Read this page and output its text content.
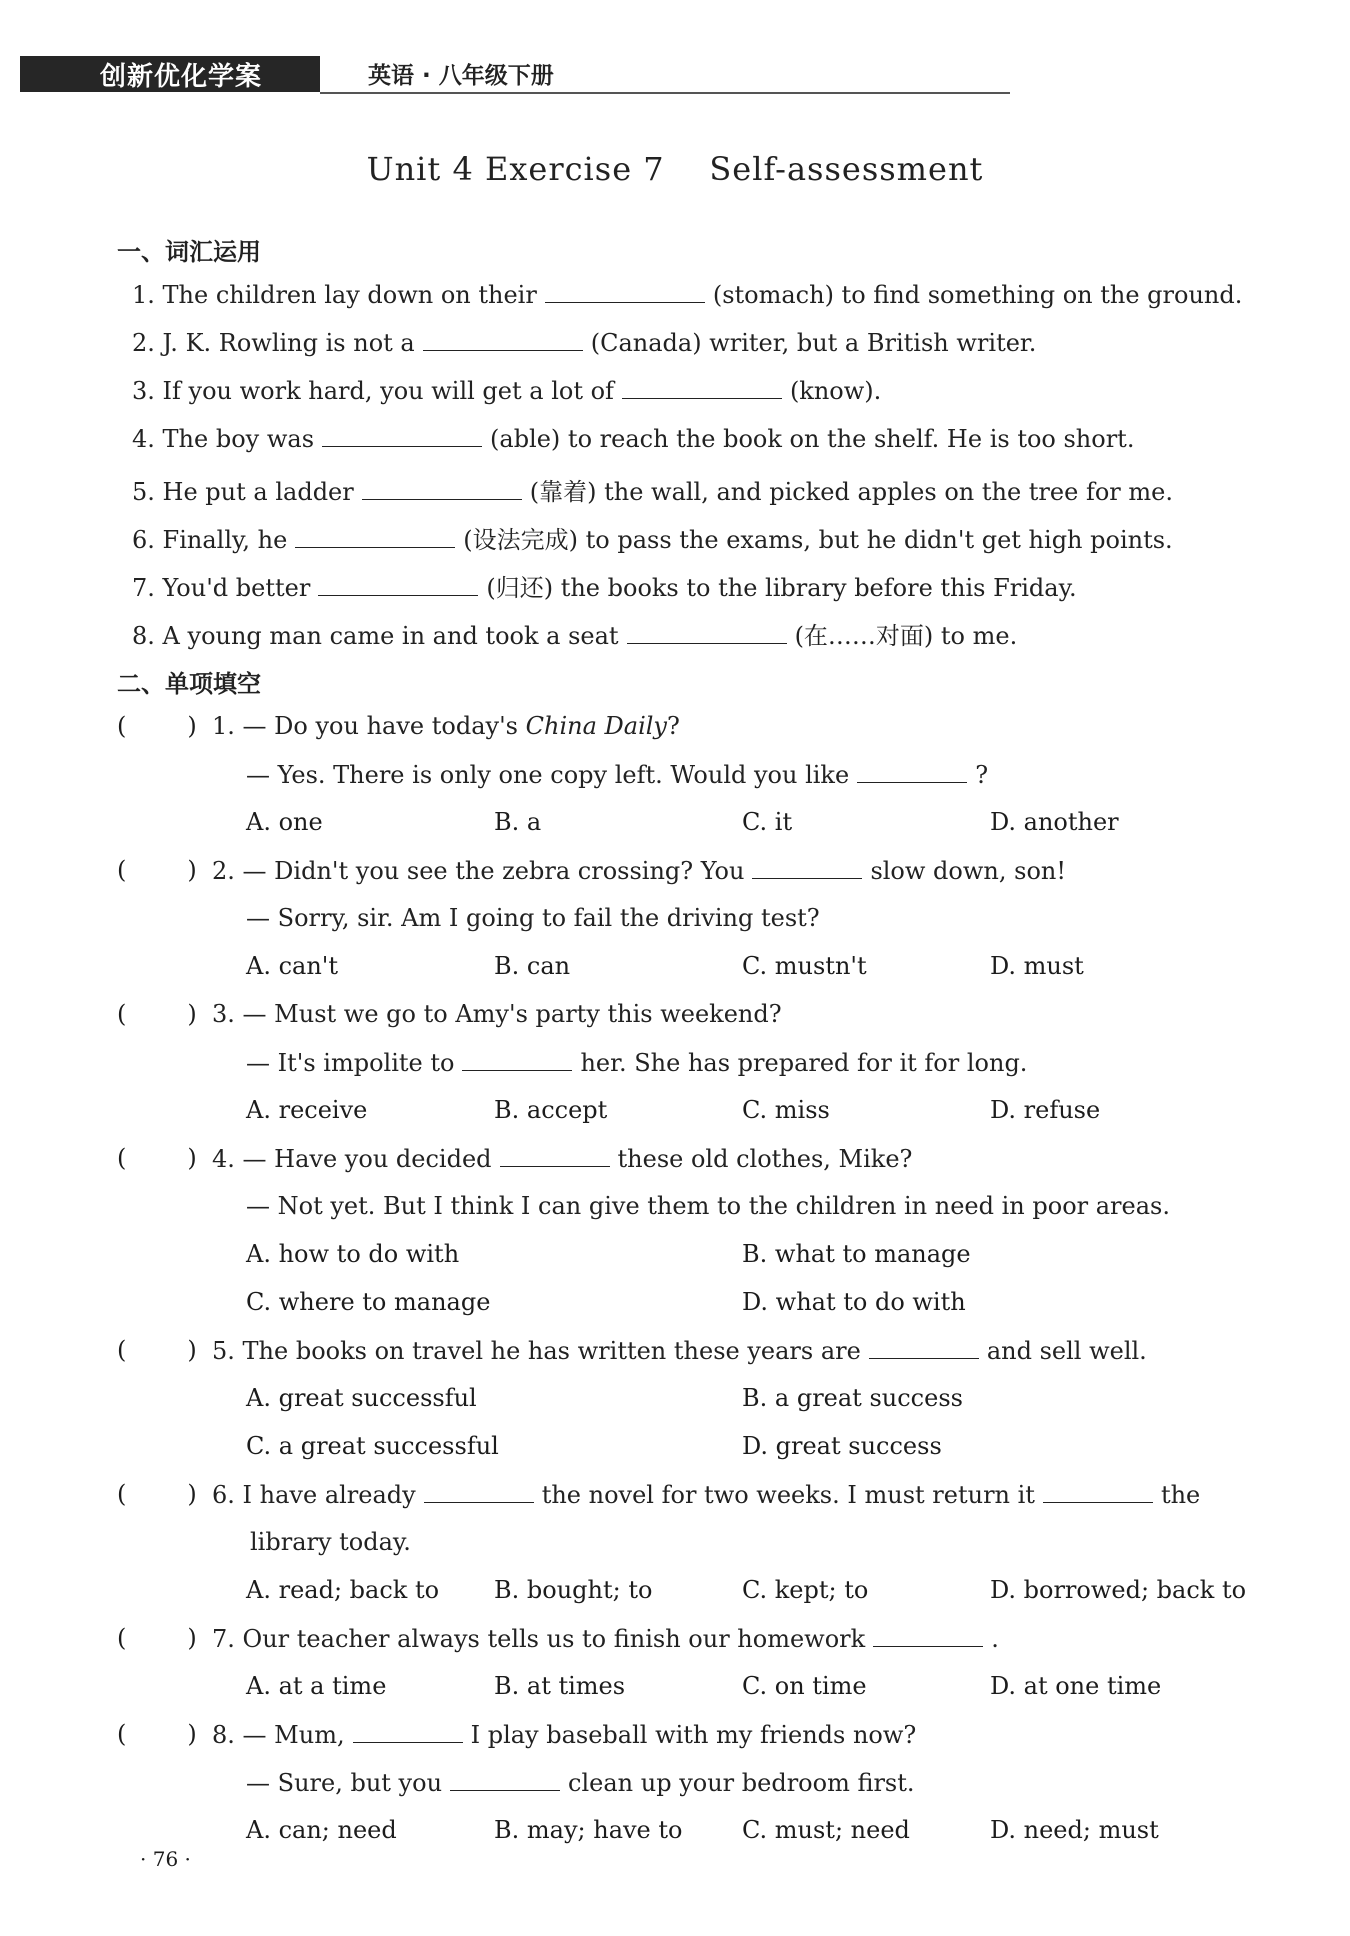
创新优化学案	英语 · 八年级下册
Unit 4 Exercise 7    Self-assessment
一、词汇运用
1. The children lay down on their	(stomach) to find something on the ground.
2. J. K. Rowling is not a	(Canada) writer, but a British writer.
3. If you work hard, you will get a lot of	(know).
4. The boy was	(able) to reach the book on the shelf. He is too short.
5. He put a ladder	(靠着) the wall, and picked apples on the tree for me.
6. Finally, he	(设法完成) to pass the exams, but he didn't get high points.
7. You'd better	(归还) the books to the library before this Friday.
8. A young man came in and took a seat	(在……对面) to me.
二、单项填空
(        ) 1. — Do you have today's China Daily?
— Yes. There is only one copy left. Would you like	?
A. one	B. a	C. it	D. another
(        ) 2. — Didn't you see the zebra crossing? You	slow down, son!
— Sorry, sir. Am I going to fail the driving test?
A. can't	B. can	C. mustn't	D. must
(        ) 3. — Must we go to Amy's party this weekend?
— It's impolite to	her. She has prepared for it for long.
A. receive	B. accept	C. miss	D. refuse
(        ) 4. — Have you decided	these old clothes, Mike?
— Not yet. But I think I can give them to the children in need in poor areas.
A. how to do with	B. what to manage
C. where to manage	D. what to do with
(        ) 5. The books on travel he has written these years are	and sell well.
A. great successful	B. a great success
C. a great successful	D. great success
(        ) 6. I have already	the novel for two weeks. I must return it	the
library today.
A. read; back to B. bought; to	C. kept; to	D. borrowed; back to
(        ) 7. Our teacher always tells us to finish our homework	.
A. at a time	B. at times	C. on time	D. at one time
(        ) 8. — Mum,	I play baseball with my friends now?
— Sure, but you	clean up your bedroom first.
A. can; need	B. may; have to C. must; need	D. need; must
· 76 ·
